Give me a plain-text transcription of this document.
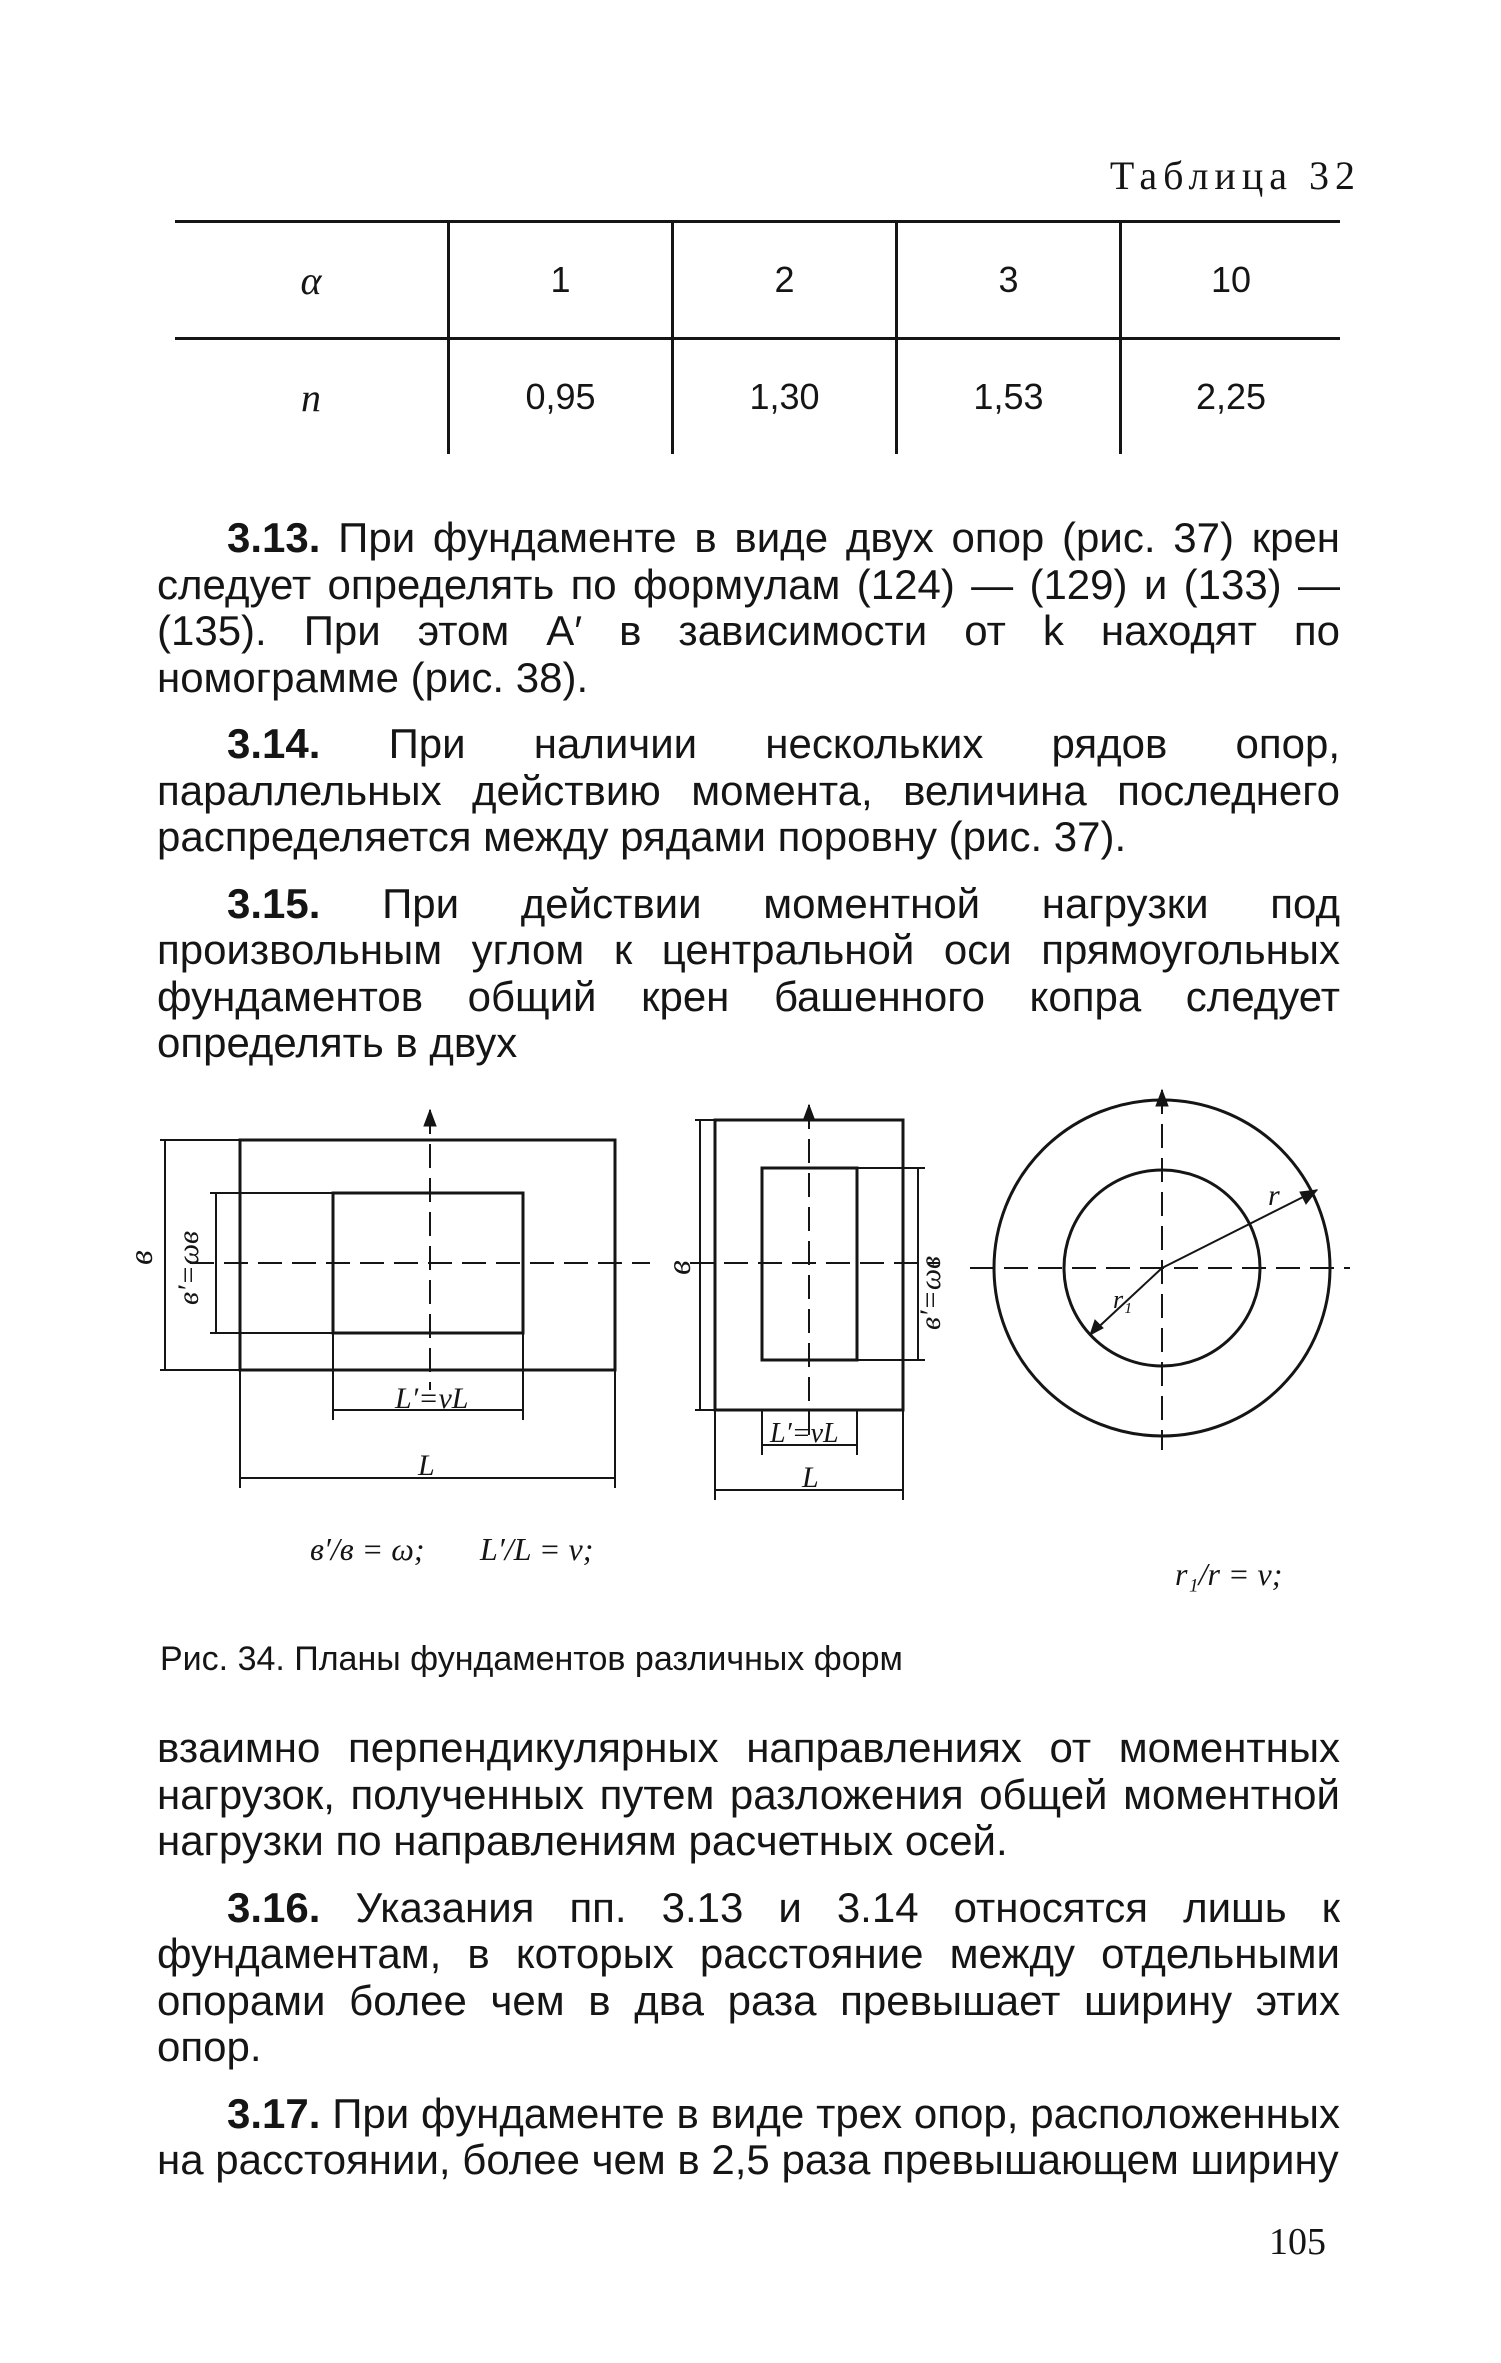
Таблица 32
α	1	2	3	10
n	0,95	1,30	1,53	2,25

3.13. При фундаменте в виде двух опор (рис. 37) крен следует определять по формулам (124) — (129) и (133) — (135). При этом A′ в зависимости от k находят по номограмме (рис. 38).

3.14. При наличии нескольких рядов опор, параллельных действию момента, величина последнего распределяется между рядами поровну (рис. 37).

3.15. При действии моментной нагрузки под произвольным углом к центральной оси прямоугольных фундаментов общий крен башенного копра следует определять в двух

в в′=ωв
L′=νL
L
в	в′=ωв
L′=νL
L
r
r₁
в′/в = ω; L′/L = ν;
r₁/r = ν;
Рис. 34. Планы фундаментов различных форм

взаимно перпендикулярных направлениях от моментных нагрузок, полученных путем разложения общей моментной нагрузки по направлениям расчетных осей.

3.16. Указания пп. 3.13 и 3.14 относятся лишь к фундаментам, в которых расстояние между отдельными опорами более чем в два раза превышает ширину этих опор.

3.17. При фундаменте в виде трех опор, расположенных на расстоянии, более чем в 2,5 раза превышающем ширину

105
